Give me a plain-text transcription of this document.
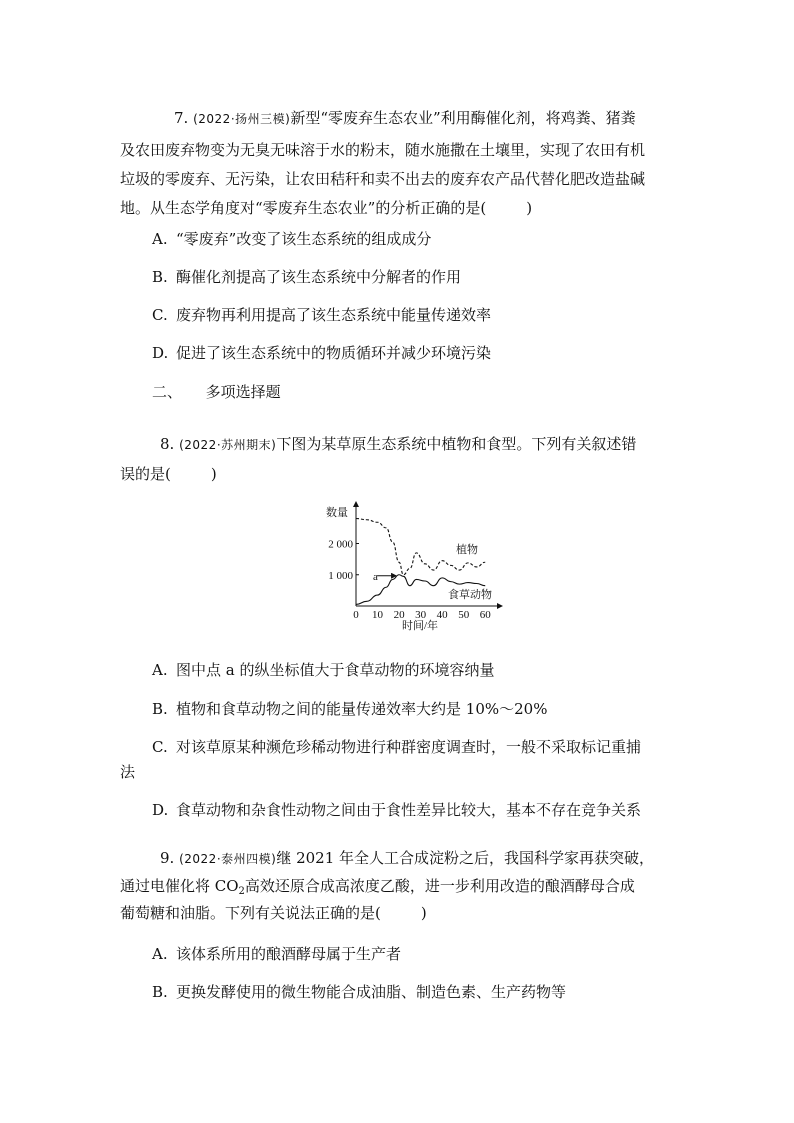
7. (2022·扬州三模)新型“零废弃生态农业”利用酶催化剂，将鸡粪、猪粪
及农田废弃物变为无臭无味溶于水的粉末，随水施撒在土壤里，实现了农田有机
垃圾的零废弃、无污染，让农田秸秆和卖不出去的废弃农产品代替化肥改造盐碱
地。从生态学角度对“零废弃生态农业”的分析正确的是(	)
A. “零废弃”改变了该生态系统的组成成分
B. 酶催化剂提高了该生态系统中分解者的作用
C. 废弃物再利用提高了该生态系统中能量传递效率
D. 促进了该生态系统中的物质循环并减少环境污染
二、 多项选择题
8. (2022·苏州期末)下图为某草原生态系统中植物和食型。下列有关叙述错
误的是(	)
0 10 20 30 40 50 60
1 000
2 000
数量
时间/年
植物
食草动物
a
A. 图中点 a 的纵坐标值大于食草动物的环境容纳量
B. 植物和食草动物之间的能量传递效率大约是 10%～20%
C. 对该草原某种濒危珍稀动物进行种群密度调查时，一般不采取标记重捕
法
D. 食草动物和杂食性动物之间由于食性差异比较大，基本不存在竞争关系
9. (2022·泰州四模)继 2021 年全人工合成淀粉之后，我国科学家再获突破，
通过电催化将 $CO_2$高效还原合成高浓度乙酸，进一步利用改造的酿酒酵母合成
葡萄糖和油脂。下列有关说法正确的是(	)
A. 该体系所用的酿酒酵母属于生产者
B. 更换发酵使用的微生物能合成油脂、制造色素、生产药物等
